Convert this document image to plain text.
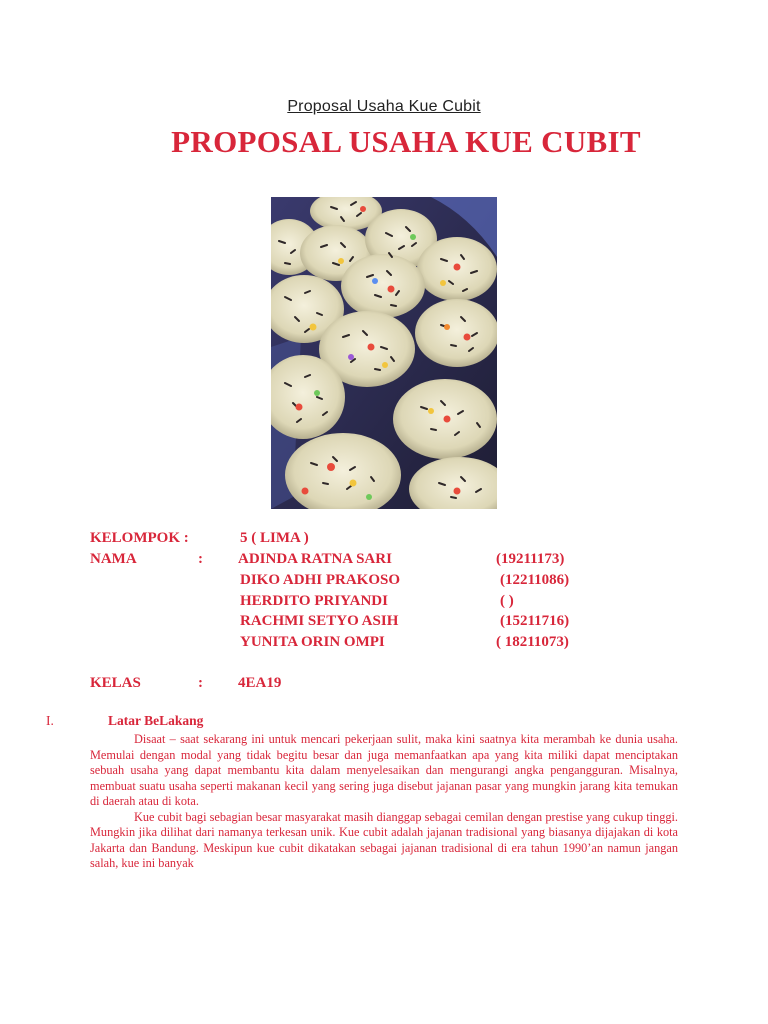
Proposal Usaha Kue Cubit
PROPOSAL USAHA KUE CUBIT
KELOMPOK :	5 ( LIMA )
NAMA	: ADINDA RATNA SARI	(19211173)
DIKO ADHI PRAKOSO	(12211086)
HERDITO PRIYANDI	( )
RACHMI SETYO ASIH	(15211716)
YUNITA ORIN OMPI	( 18211073)
KELAS	: 4EA19
I.	Latar BeLakang

Disaat – saat sekarang ini untuk mencari pekerjaan sulit, maka kini saatnya kita merambah ke dunia usaha. Memulai dengan modal yang tidak begitu besar dan juga memanfaatkan apa yang kita miliki dapat menciptakan sebuah usaha yang dapat membantu kita dalam menyelesaikan dan mengurangi angka pengangguran. Misalnya, membuat suatu usaha seperti makanan kecil yang sering juga disebut jajanan pasar yang mungkin jarang kita temukan di daerah atau di kota.

Kue cubit bagi sebagian besar masyarakat masih dianggap sebagai cemilan dengan prestise yang cukup tinggi. Mungkin jika dilihat dari namanya terkesan unik. Kue cubit adalah jajanan tradisional yang biasanya dijajakan di kota Jakarta dan Bandung. Meskipun kue cubit dikatakan sebagai jajanan tradisional di era tahun 1990’an namun jangan salah, kue ini banyak
